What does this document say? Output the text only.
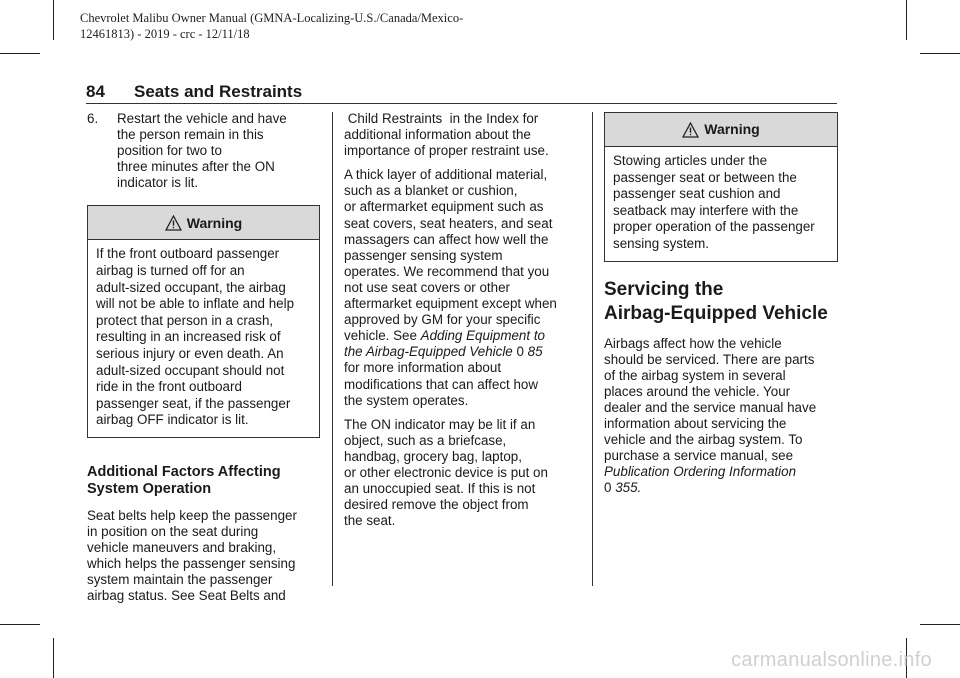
Chevrolet Malibu Owner Manual (GMNA-Localizing-U.S./Canada/Mexico-
12461813) - 2019 - crc - 12/11/18
84 Seats and Restraints
6.	Restart the vehicle and have
the person remain in this
position for two to
three minutes after the ON
indicator is lit.
Warning
If the front outboard passenger
airbag is turned off for an
adult-sized occupant, the airbag
will not be able to inflate and help
protect that person in a crash,
resulting in an increased risk of
serious injury or even death. An
adult-sized occupant should not
ride in the front outboard
passenger seat, if the passenger
airbag OFF indicator is lit.
Additional Factors Affecting
System Operation
Seat belts help keep the passenger
in position on the seat during
vehicle maneuvers and braking,
which helps the passenger sensing
system maintain the passenger
airbag status. See Seat Belts and

Child Restraints  in the Index for
additional information about the
importance of proper restraint use.

A thick layer of additional material,
such as a blanket or cushion,
or aftermarket equipment such as
seat covers, seat heaters, and seat
massagers can affect how well the
passenger sensing system
operates. We recommend that you
not use seat covers or other
aftermarket equipment except when
approved by GM for your specific
vehicle. See Adding Equipment to
the Airbag-Equipped Vehicle 0 85
for more information about
modifications that can affect how
the system operates.

The ON indicator may be lit if an
object, such as a briefcase,
handbag, grocery bag, laptop,
or other electronic device is put on
an unoccupied seat. If this is not
desired remove the object from
the seat.

Warning
Stowing articles under the
passenger seat or between the
passenger seat cushion and
seatback may interfere with the
proper operation of the passenger
sensing system.
Servicing the
Airbag-Equipped Vehicle
Airbags affect how the vehicle
should be serviced. There are parts
of the airbag system in several
places around the vehicle. Your
dealer and the service manual have
information about servicing the
vehicle and the airbag system. To
purchase a service manual, see
Publication Ordering Information
0 355.
carmanualsonline.info
